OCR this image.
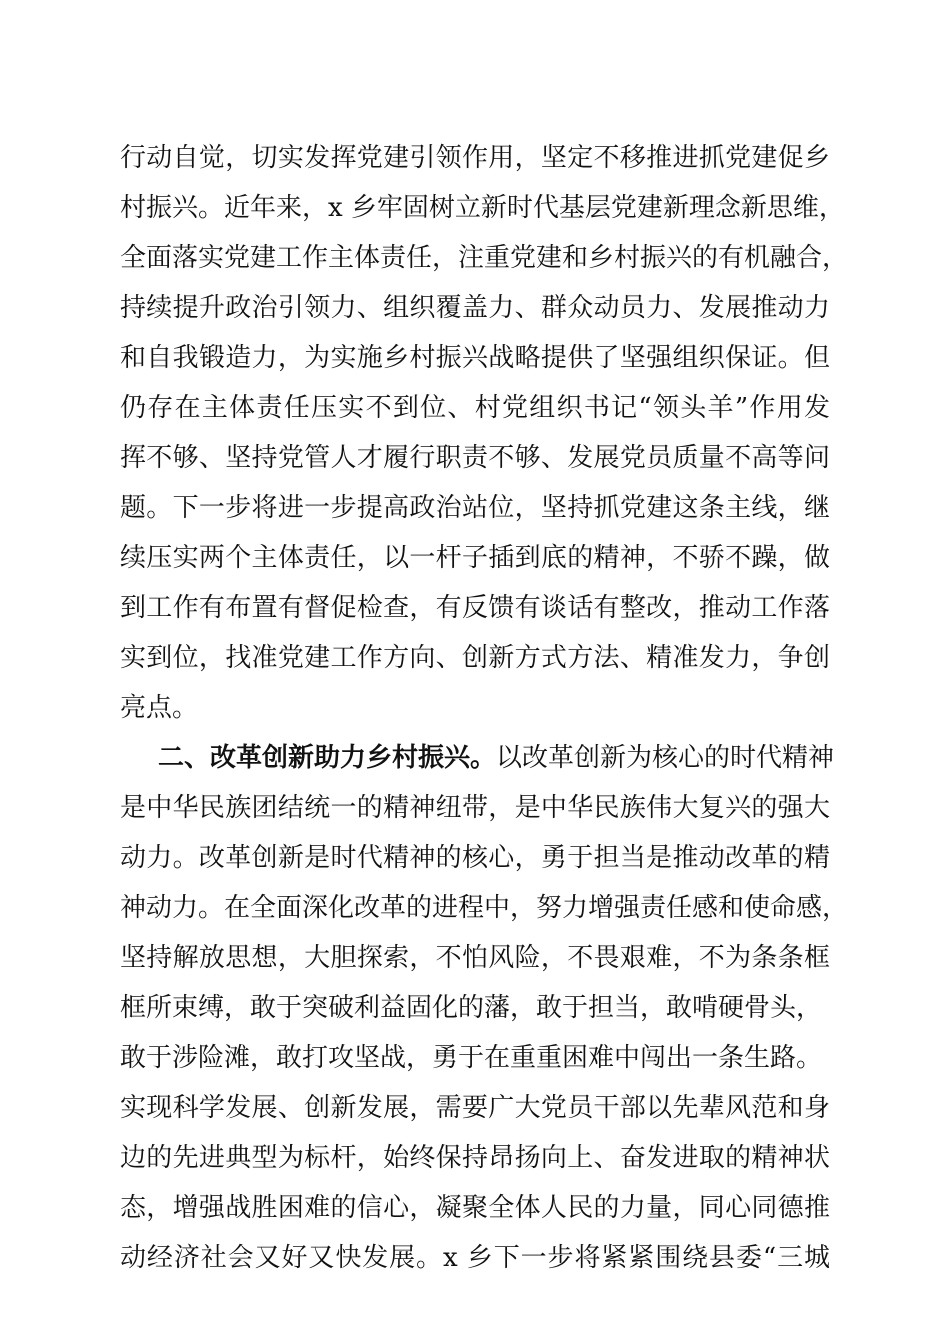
行动自觉，切实发挥党建引领作用，坚定不移推进抓党建促乡
村振兴。近年来，x 乡牢固树立新时代基层党建新理念新思维，
全面落实党建工作主体责任，注重党建和乡村振兴的有机融合，
持续提升政治引领力、组织覆盖力、群众动员力、发展推动力
和自我锻造力，为实施乡村振兴战略提供了坚强组织保证。但
仍存在主体责任压实不到位、村党组织书记“领头羊”作用发
挥不够、坚持党管人才履行职责不够、发展党员质量不高等问
题。下一步将进一步提高政治站位，坚持抓党建这条主线，继
续压实两个主体责任，以一杆子插到底的精神，不骄不躁，做
到工作有布置有督促检查，有反馈有谈话有整改，推动工作落
实到位，找准党建工作方向、创新方式方法、精准发力，争创
亮点。
二、改革创新助力乡村振兴。以改革创新为核心的时代精神
是中华民族团结统一的精神纽带，是中华民族伟大复兴的强大
动力。改革创新是时代精神的核心，勇于担当是推动改革的精
神动力。在全面深化改革的进程中，努力增强责任感和使命感，
坚持解放思想，大胆探索，不怕风险，不畏艰难，不为条条框
框所束缚，敢于突破利益固化的藩，敢于担当，敢啃硬骨头，
敢于涉险滩，敢打攻坚战，勇于在重重困难中闯出一条生路。
实现科学发展、创新发展，需要广大党员干部以先辈风范和身
边的先进典型为标杆，始终保持昂扬向上、奋发进取的精神状
态，增强战胜困难的信心，凝聚全体人民的力量，同心同德推
动经济社会又好又快发展。x 乡下一步将紧紧围绕县委“三城
